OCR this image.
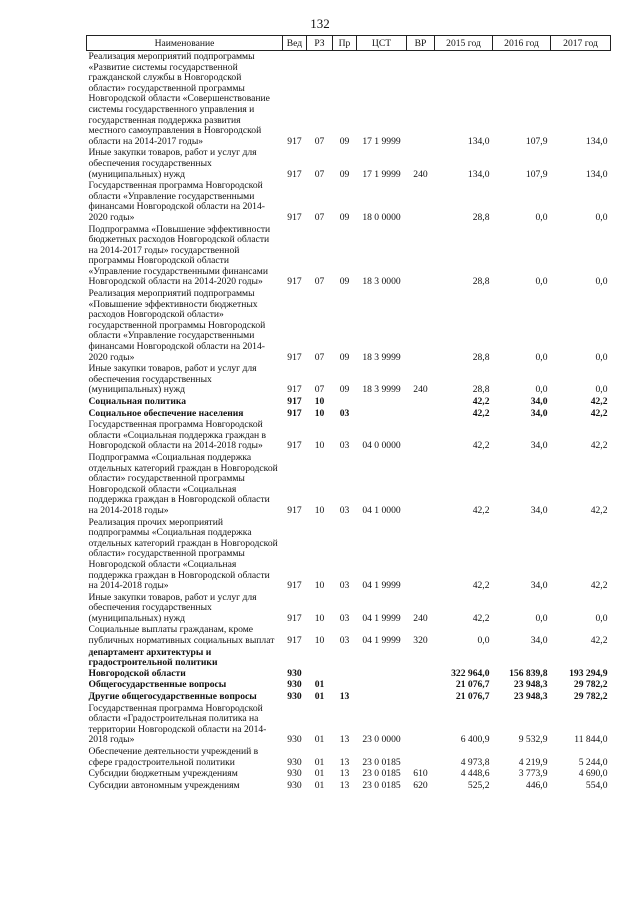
132
Наименование	Вед	РЗ	Пр	ЦСТ	ВР	2015 год	2016 год	2017 год
Реализация мероприятий подпрограммы «Развитие системы государственной гражданской службы в Новгородской области» государственной программы Новгородской области «Совершенствование системы государственного управления и государственная поддержка развития местного самоуправления в Новгородской области на 2014-2017 годы»	917	07	09	17 1 9999		134,0	107,9	134,0
Иные закупки товаров, работ и услуг для обеспечения государственных (муниципальных) нужд	917	07	09	17 1 9999	240	134,0	107,9	134,0
Государственная программа Новгородской области «Управление государственными финансами Новгородской области на 2014-2020 годы»	917	07	09	18 0 0000		28,8	0,0	0,0
Подпрограмма «Повышение эффективности бюджетных расходов Новгородской области на 2014-2017 годы» государственной программы Новгородской области «Управление государственными финансами Новгородской области на 2014-2020 годы»	917	07	09	18 3 0000		28,8	0,0	0,0
Реализация мероприятий подпрограммы «Повышение эффективности бюджетных расходов Новгородской области» государственной программы Новгородской области «Управление государственными финансами Новгородской области на 2014-2020 годы»	917	07	09	18 3 9999		28,8	0,0	0,0
Иные закупки товаров, работ и услуг для обеспечения государственных (муниципальных) нужд	917	07	09	18 3 9999	240	28,8	0,0	0,0
Социальная политика	917	10				42,2	34,0	42,2
Социальное обеспечение населения	917	10	03			42,2	34,0	42,2
Государственная программа Новгородской области «Социальная поддержка граждан в Новгородской области на 2014-2018 годы»	917	10	03	04 0 0000		42,2	34,0	42,2
Подпрограмма «Социальная поддержка отдельных категорий граждан в Новгородской области» государственной программы Новгородской области «Социальная поддержка граждан в Новгородской области на 2014-2018 годы»	917	10	03	04 1 0000		42,2	34,0	42,2
Реализация прочих мероприятий подпрограммы «Социальная поддержка отдельных категорий граждан в Новгородской области» государственной программы Новгородской области «Социальная поддержка граждан в Новгородской области на 2014-2018 годы»	917	10	03	04 1 9999		42,2	34,0	42,2
Иные закупки товаров, работ и услуг для обеспечения государственных (муниципальных) нужд	917	10	03	04 1 9999	240	42,2	0,0	0,0
Социальные выплаты гражданам, кроме публичных нормативных социальных выплат	917	10	03	04 1 9999	320	0,0	34,0	42,2
департамент архитектуры и градостроительной политики Новгородской области	930					322 964,0	156 839,8	193 294,9
Общегосударственные вопросы	930	01				21 076,7	23 948,3	29 782,2
Другие общегосударственные вопросы	930	01	13			21 076,7	23 948,3	29 782,2
Государственная программа Новгородской области «Градостроительная политика на территории Новгородской области на 2014-2018 годы»	930	01	13	23 0 0000		6 400,9	9 532,9	11 844,0
Обеспечение деятельности учреждений в сфере градостроительной политики	930	01	13	23 0 0185		4 973,8	4 219,9	5 244,0
Субсидии бюджетным учреждениям	930	01	13	23 0 0185	610	4 448,6	3 773,9	4 690,0
Субсидии автономным учреждениям	930	01	13	23 0 0185	620	525,2	446,0	554,0
